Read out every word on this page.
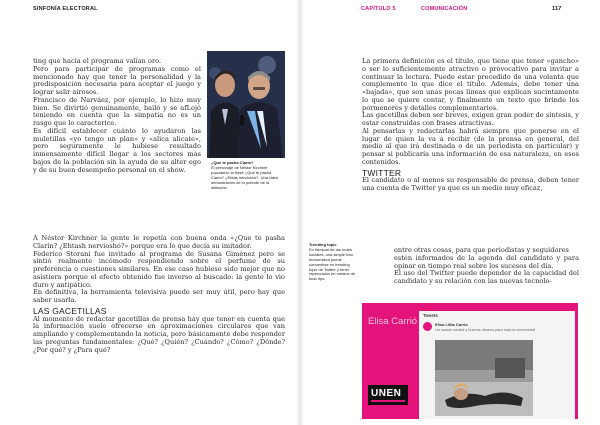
SINFONÍA ELECTORAL	CAPÍTULO 5	COMUNICACIÓN	117

ting que hacía el programa valían oro.

Pero para participar de programas como el mencionado hay que tener la personalidad y la predisposición necesaria para aceptar el juego y lograr salir airosos.

Francisco de Narváez, por ejemplo, lo hizo muy bien. Se divirtió genuinamente, bailó y se afLojó teniendo en cuenta que la simpatía no es un rasgo que lo caracterice.

Es difícil establecer cuánto lo ayudaron las muletillas «yo tengo un plan» y «alica alicate», pero seguramente le hubiese resultado inmensamente difícil llegar a los sectores más bajos de la población sin la ayuda de su alter ego y de su buen desempeño personal en el show.

A Néstor Kirchner la gente le repetía con buena onda «¿Que te pasha Clarín? ¿Ehtash nervioshó?» porque era lo que decía su imitador.

Federico Storani fue invitado al programa de Susana Giménez pero se sintió realmente incómodo respondiendo sobre el perfume de su preferencia o cuestiones similares. En ese caso hubiese sido mejor que no asistiera porque el efecto obtenido fue inverso al buscado: la gente lo vio duro y antipático.

En definitiva, la herramienta televisiva puede ser muy útil, pero hay que saber usarla.

LAS GACETILLAS

Al momento de redactar gacetillas de prensa hay que tener en cuenta que la información suele ofrecerse en aproximaciones circulares que van ampliando y complementando la noticia, pero básicamente debe responder las preguntas fundamentales: ¿Qué? ¿Quién? ¿Cuándo? ¿Cómo? ¿Dónde? ¿Por qué? y ¿Para qué?

¿Qué te pasha Clarín?
El personaje de Néstor Kirchner popularizó la frase ¿Qué te pasha Clarín? ¿Ehtás nervioshó?. Una clara demostración de lo potente de la imitación.

La primera definición es el título, que tiene que tener «gancho» o ser lo suficientemente atractivo o provocativo para invitar a continuar la lectura. Puede estar precedido de una volanta que complemente lo que dice el título. Además, debe tener una «bajada», que son unas pocas líneas que explican sucintamente lo que se quiere contar, y finalmente un texto que brinde los pormenores y detalles complementarios.

Las gacetillas deben ser breves, exigen gran poder de síntesis, y estar construidas con frases atractivas.

Al pensarlas y redactarlas habrá siempre que ponerse en el lugar de quien la va a recibir (de la prensa en general, del medio al que irá destinada o de un periodista en particular) y pensar si publicaría una información de esa naturaleza, en esos contenidos.

TWITTER

El candidato o al menos su responsable de prensa, deben tener una cuenta de Twitter ya que es un medio muy eficaz,

entre otras cosas, para que periodistas y seguidores

estén informados de la agenda del candidato y para opinar en tiempo real sobre los sucesos del día.

El uso del Twitter puede depender de la capacidad del candidato y su relación con las nuevas tecnolo-

Trending topic
En tiempos de las redes sociales, una simple foto humorística puede convertirse en trending topic de Twitter y tener repercusión en medios de todo tipo.
Elisa Carrió
UNEN
Tweets
Elisa Lilita Carrió
Un saludo cordial y buenos deseos para toda la comunidad
